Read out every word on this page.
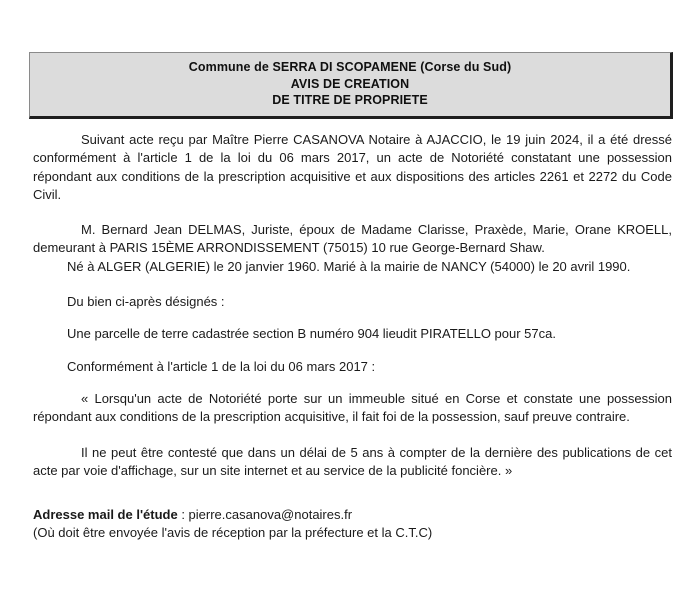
Commune de SERRA DI SCOPAMENE (Corse du Sud)
AVIS DE CREATION
DE TITRE DE PROPRIETE

Suivant acte reçu par Maître Pierre CASANOVA Notaire à AJACCIO, le 19 juin 2024, il a été dressé conformément à l'article 1 de la loi du 06 mars 2017, un acte de Notoriété constatant une possession répondant aux conditions de la prescription acquisitive et aux dispositions des articles 2261 et 2272 du Code Civil.

M. Bernard Jean DELMAS, Juriste, époux de Madame Clarisse, Praxède, Marie, Orane KROELL, demeurant à PARIS 15ÈME ARRONDISSEMENT (75015) 10 rue George-Bernard Shaw.

Né à ALGER (ALGERIE) le 20 janvier 1960. Marié à la mairie de NANCY (54000) le 20 avril 1990.

Du bien ci-après désignés :

Une parcelle de terre cadastrée section B numéro 904 lieudit PIRATELLO pour 57ca.

Conformément à l'article 1 de la loi du 06 mars 2017 :

« Lorsqu'un acte de Notoriété porte sur un immeuble situé en Corse et constate une possession répondant aux conditions de la prescription acquisitive, il fait foi de la possession, sauf preuve contraire.

Il ne peut être contesté que dans un délai de 5 ans à compter de la dernière des publications de cet acte par voie d'affichage, sur un site internet et au service de la publicité foncière. »

Adresse mail de l'étude : pierre.casanova@notaires.fr
(Où doit être envoyée l'avis de réception par la préfecture et la C.T.C)
